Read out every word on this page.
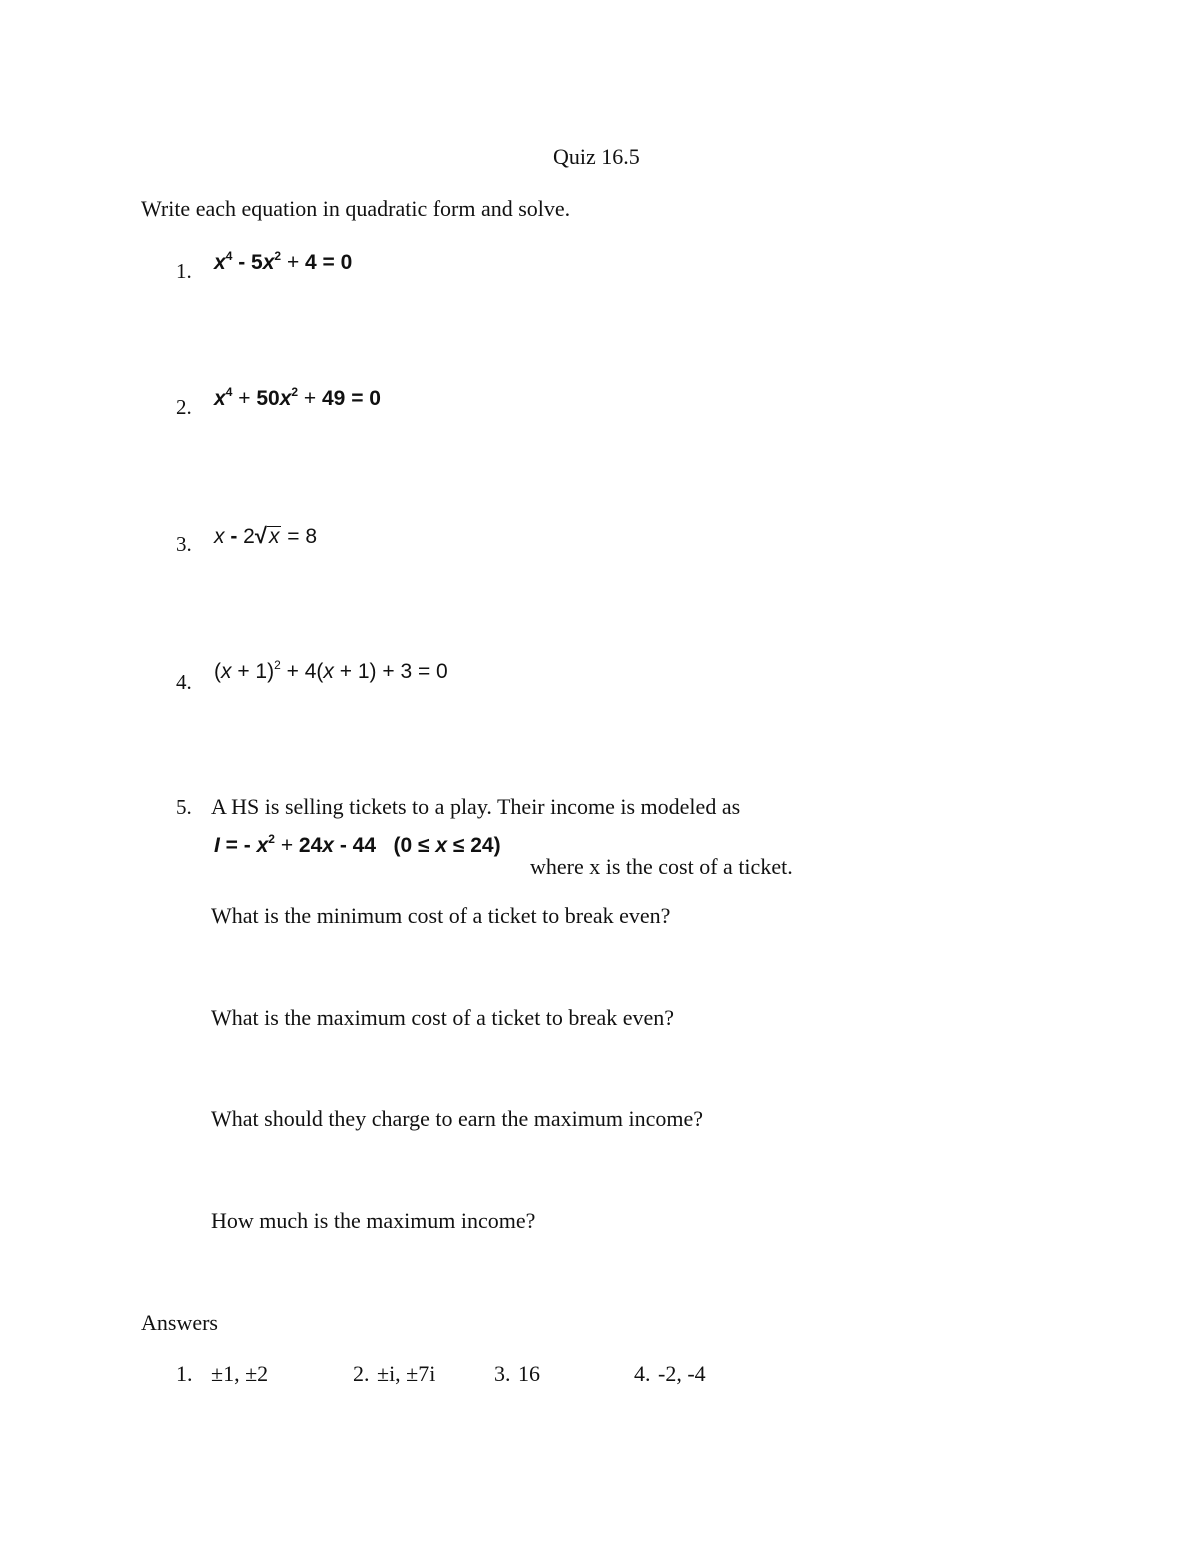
Quiz 16.5
Write each equation in quadratic form and solve.
1. $x^4 - 5x^2 + 4 = 0$
2. $x^4 + 50x^2 + 49 = 0$
3. x - 2√x = 8
4. $(x + 1)^2 + 4(x + 1) + 3 = 0$
5. A HS is selling tickets to a play. Their income is modeled as
I = - $x^2 + 24x - 44$   (0 ≤ x ≤ 24)
where x is the cost of a ticket.
What is the minimum cost of a ticket to break even?
What is the maximum cost of a ticket to break even?
What should they charge to earn the maximum income?
How much is the maximum income?
Answers
1. ±1, ±2	2. ±i, ±7i	3. 16	4. -2, -4
